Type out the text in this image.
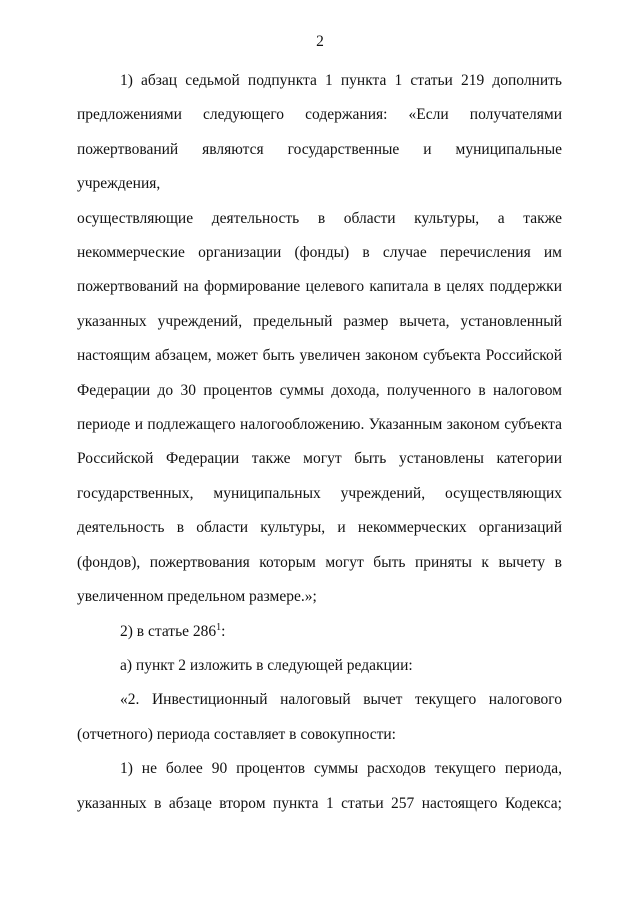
2
1) абзац седьмой подпункта 1 пункта 1 статьи 219 дополнить
предложениями следующего содержания: «Если получателями
пожертвований являются государственные и муниципальные учреждения,
осуществляющие деятельность в области культуры, а также
некоммерческие организации (фонды) в случае перечисления им
пожертвований на формирование целевого капитала в целях поддержки
указанных учреждений, предельный размер вычета, установленный
настоящим абзацем, может быть увеличен законом субъекта Российской
Федерации до 30 процентов суммы дохода, полученного в налоговом
периоде и подлежащего налогообложению. Указанным законом субъекта
Российской Федерации также могут быть установлены категории
государственных, муниципальных учреждений, осуществляющих
деятельность в области культуры, и некоммерческих организаций
(фондов), пожертвования которым могут быть приняты к вычету в
увеличенном предельном размере.»;
2) в статье $286^1$:
а) пункт 2 изложить в следующей редакции:
«2. Инвестиционный налоговый вычет текущего налогового
(отчетного) периода составляет в совокупности:
1) не более 90 процентов суммы расходов текущего периода,
указанных в абзаце втором пункта 1 статьи 257 настоящего Кодекса;
